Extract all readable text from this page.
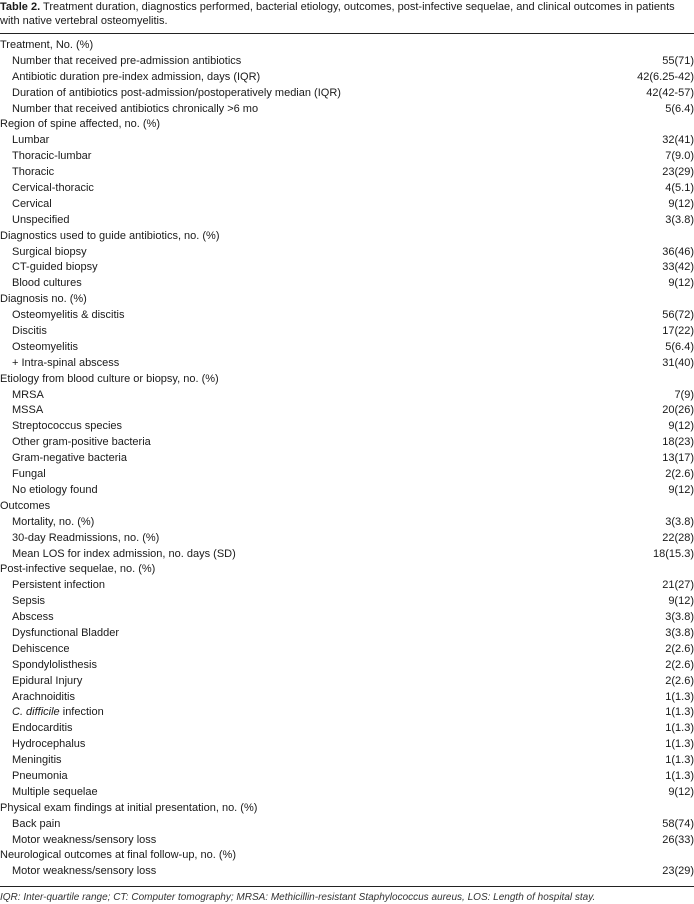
Table 2. Treatment duration, diagnostics performed, bacterial etiology, outcomes, post-infective sequelae, and clinical outcomes in patients with native vertebral osteomyelitis.
Treatment, No. (%)
Number that received pre-admission antibiotics	55(71)
Antibiotic duration pre-index admission, days (IQR)	42(6.25-42)
Duration of antibiotics post-admission/postoperatively median (IQR)	42(42-57)
Number that received antibiotics chronically >6 mo	5(6.4)
Region of spine affected, no. (%)
Lumbar	32(41)
Thoracic-lumbar	7(9.0)
Thoracic	23(29)
Cervical-thoracic	4(5.1)
Cervical	9(12)
Unspecified	3(3.8)
Diagnostics used to guide antibiotics, no. (%)
Surgical biopsy	36(46)
CT-guided biopsy	33(42)
Blood cultures	9(12)
Diagnosis no. (%)
Osteomyelitis & discitis	56(72)
Discitis	17(22)
Osteomyelitis	5(6.4)
+ Intra-spinal abscess	31(40)
Etiology from blood culture or biopsy, no. (%)
MRSA	7(9)
MSSA	20(26)
Streptococcus species	9(12)
Other gram-positive bacteria	18(23)
Gram-negative bacteria	13(17)
Fungal	2(2.6)
No etiology found	9(12)
Outcomes
Mortality, no. (%)	3(3.8)
30-day Readmissions, no. (%)	22(28)
Mean LOS for index admission, no. days (SD)	18(15.3)
Post-infective sequelae, no. (%)
Persistent infection	21(27)
Sepsis	9(12)
Abscess	3(3.8)
Dysfunctional Bladder	3(3.8)
Dehiscence	2(2.6)
Spondylolisthesis	2(2.6)
Epidural Injury	2(2.6)
Arachnoiditis	1(1.3)
C. difficile infection	1(1.3)
Endocarditis	1(1.3)
Hydrocephalus	1(1.3)
Meningitis	1(1.3)
Pneumonia	1(1.3)
Multiple sequelae	9(12)
Physical exam findings at initial presentation, no. (%)
Back pain	58(74)
Motor weakness/sensory loss	26(33)
Neurological outcomes at final follow-up, no. (%)
Motor weakness/sensory loss	23(29)
IQR: Inter-quartile range; CT: Computer tomography; MRSA: Methicillin-resistant Staphylococcus aureus, LOS: Length of hospital stay.
